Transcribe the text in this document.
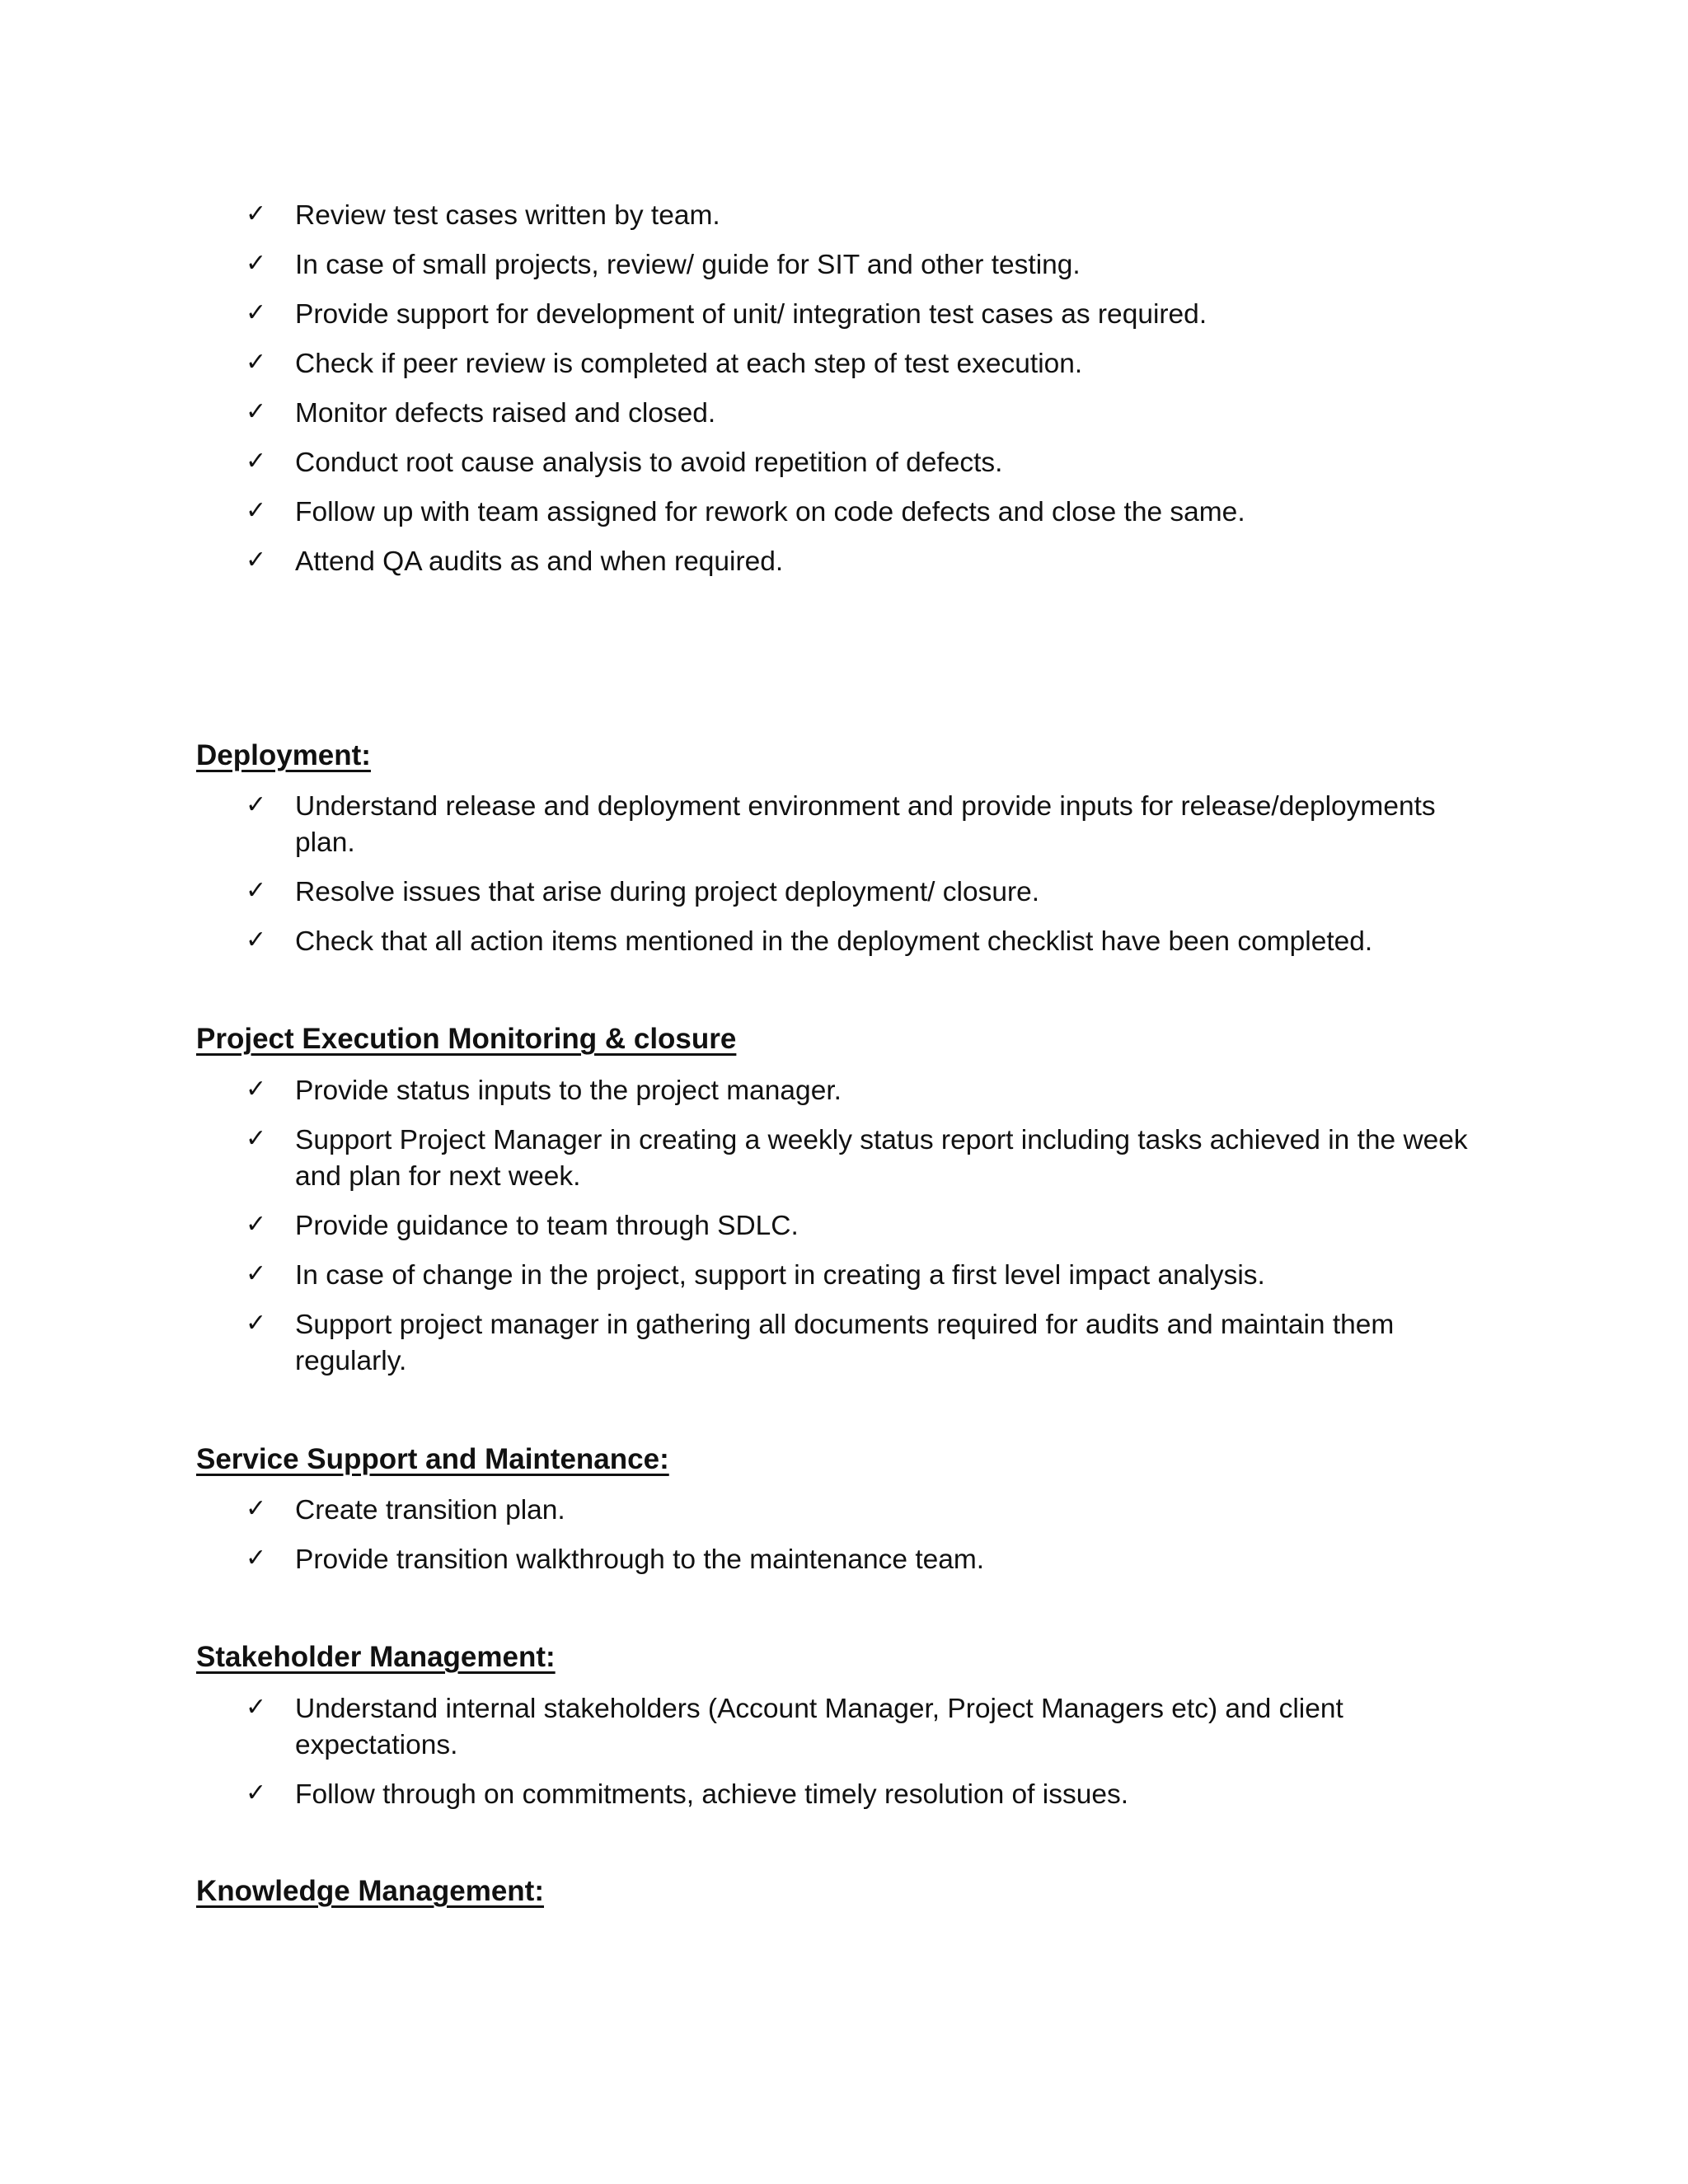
✓ Review test cases written by team.
✓ In case of small projects, review/ guide for SIT and other testing.
✓ Provide support for development of unit/ integration test cases as required.
✓ Check if peer review is completed at each step of test execution.
✓ Monitor defects raised and closed.
✓ Conduct root cause analysis to avoid repetition of defects.
✓ Follow up with team assigned for rework on code defects and close the same.
✓ Attend QA audits as and when required.
Deployment:
✓ Understand release and deployment environment and provide inputs for release/deployments plan.
✓ Resolve issues that arise during project deployment/ closure.
✓ Check that all action items mentioned in the deployment checklist have been completed.
Project Execution Monitoring & closure
✓ Provide status inputs to the project manager.
✓ Support Project Manager in creating a weekly status report including tasks achieved in the week and plan for next week.
✓ Provide guidance to team through SDLC.
✓ In case of change in the project, support in creating a first level impact analysis.
✓ Support project manager in gathering all documents required for audits and maintain them regularly.
Service Support and Maintenance:
✓ Create transition plan.
✓ Provide transition walkthrough to the maintenance team.
Stakeholder Management:
✓ Understand internal stakeholders (Account Manager, Project Managers etc) and client expectations.
✓ Follow through on commitments, achieve timely resolution of issues.
Knowledge Management:
